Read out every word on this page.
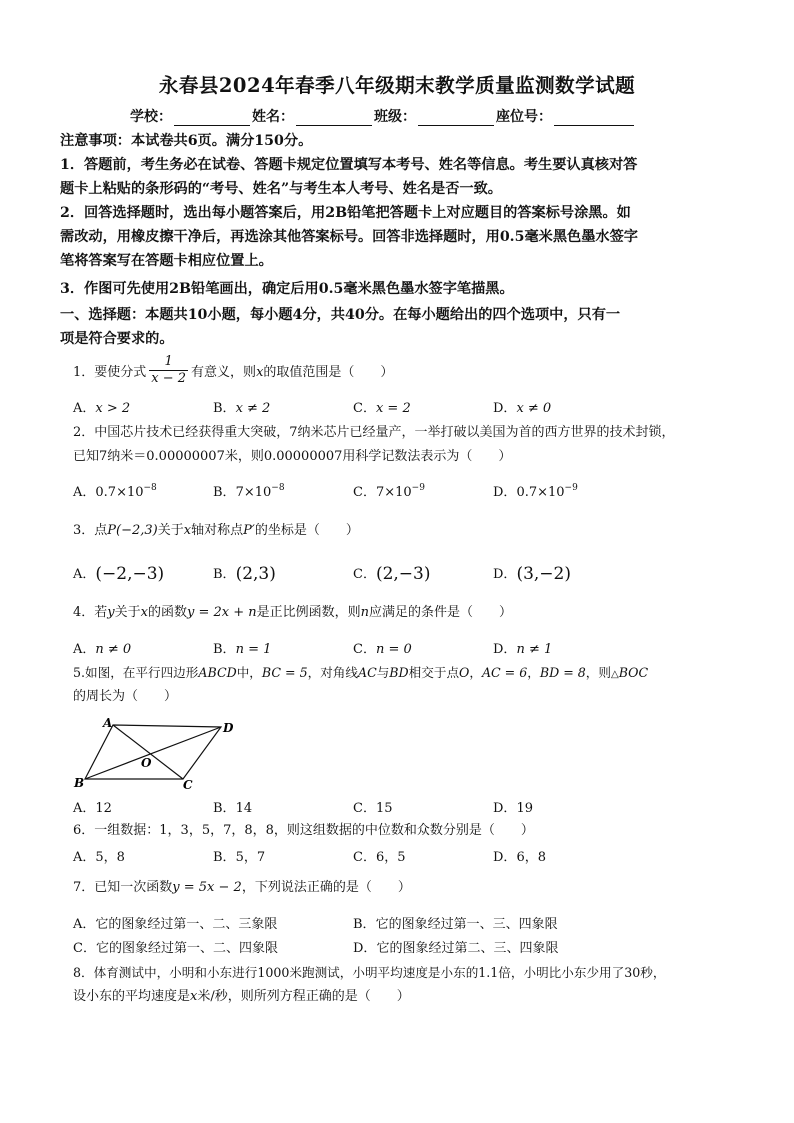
永春县2024年春季八年级期末教学质量监测数学试题
学校：	姓名：	班级：	座位号：
注意事项：本试卷共6页。满分150分。
1．答题前，考生务必在试卷、答题卡规定位置填写本考号、姓名等信息。考生要认真核对答
题卡上粘贴的条形码的“考号、姓名”与考生本人考号、姓名是否一致。
2．回答选择题时，选出每小题答案后，用2B铅笔把答题卡上对应题目的答案标号涂黑。如
需改动，用橡皮擦干净后，再选涂其他答案标号。回答非选择题时，用0.5毫米黑色墨水签字
笔将答案写在答题卡相应位置上。
3．作图可先使用2B铅笔画出，确定后用0.5毫米黑色墨水签字笔描黑。
一、选择题：本题共10小题，每小题4分，共40分。在每小题给出的四个选项中，只有一
项是符合要求的。
1．要使分式 $\frac{1}{x - 2}$ 有意义，则x的取值范围是（　　）
A．x > 2	B．x ≠ 2	C．x = 2	D．x ≠ 0
2．中国芯片技术已经获得重大突破，7纳米芯片已经量产，一举打破以美国为首的西方世界的技术封锁，
已知7纳米＝0.00000007米，则0.00000007用科学记数法表示为（　　）
A．$0.7\times 10^{-8}$	B．$7\times 10^{-8}$	C．$7\times 10^{-9}$	D．$0.7\times 10^{-9}$
3．点P(−2,3)关于x轴对称点P′的坐标是（　　）
A．(−2,−3)	B．(2,3)	C．(2,−3)	D．(3,−2)
4．若y关于x的函数y = 2x + n是正比例函数，则n应满足的条件是（　　）
A．n ≠ 0	B．n = 1	C．n = 0	D．n ≠ 1
5.如图，在平行四边形ABCD中，BC = 5，对角线AC与BD相交于点O，AC = 6，BD = 8，则△BOC
的周长为（　　）
A	D
B	C
O
A．12	B．14	C．15	D．19
6．一组数据：1，3，5，7，8，8，则这组数据的中位数和众数分别是（　　）
A．5，8	B．5，7	C．6，5	D．6，8
7．已知一次函数y = 5x − 2，下列说法正确的是（　　）
A．它的图象经过第一、二、三象限	B．它的图象经过第一、三、四象限
C．它的图象经过第一、二、四象限	D．它的图象经过第二、三、四象限
8．体育测试中，小明和小东进行1000米跑测试，小明平均速度是小东的1.1倍，小明比小东少用了30秒，
设小东的平均速度是x米/秒，则所列方程正确的是（　　）
